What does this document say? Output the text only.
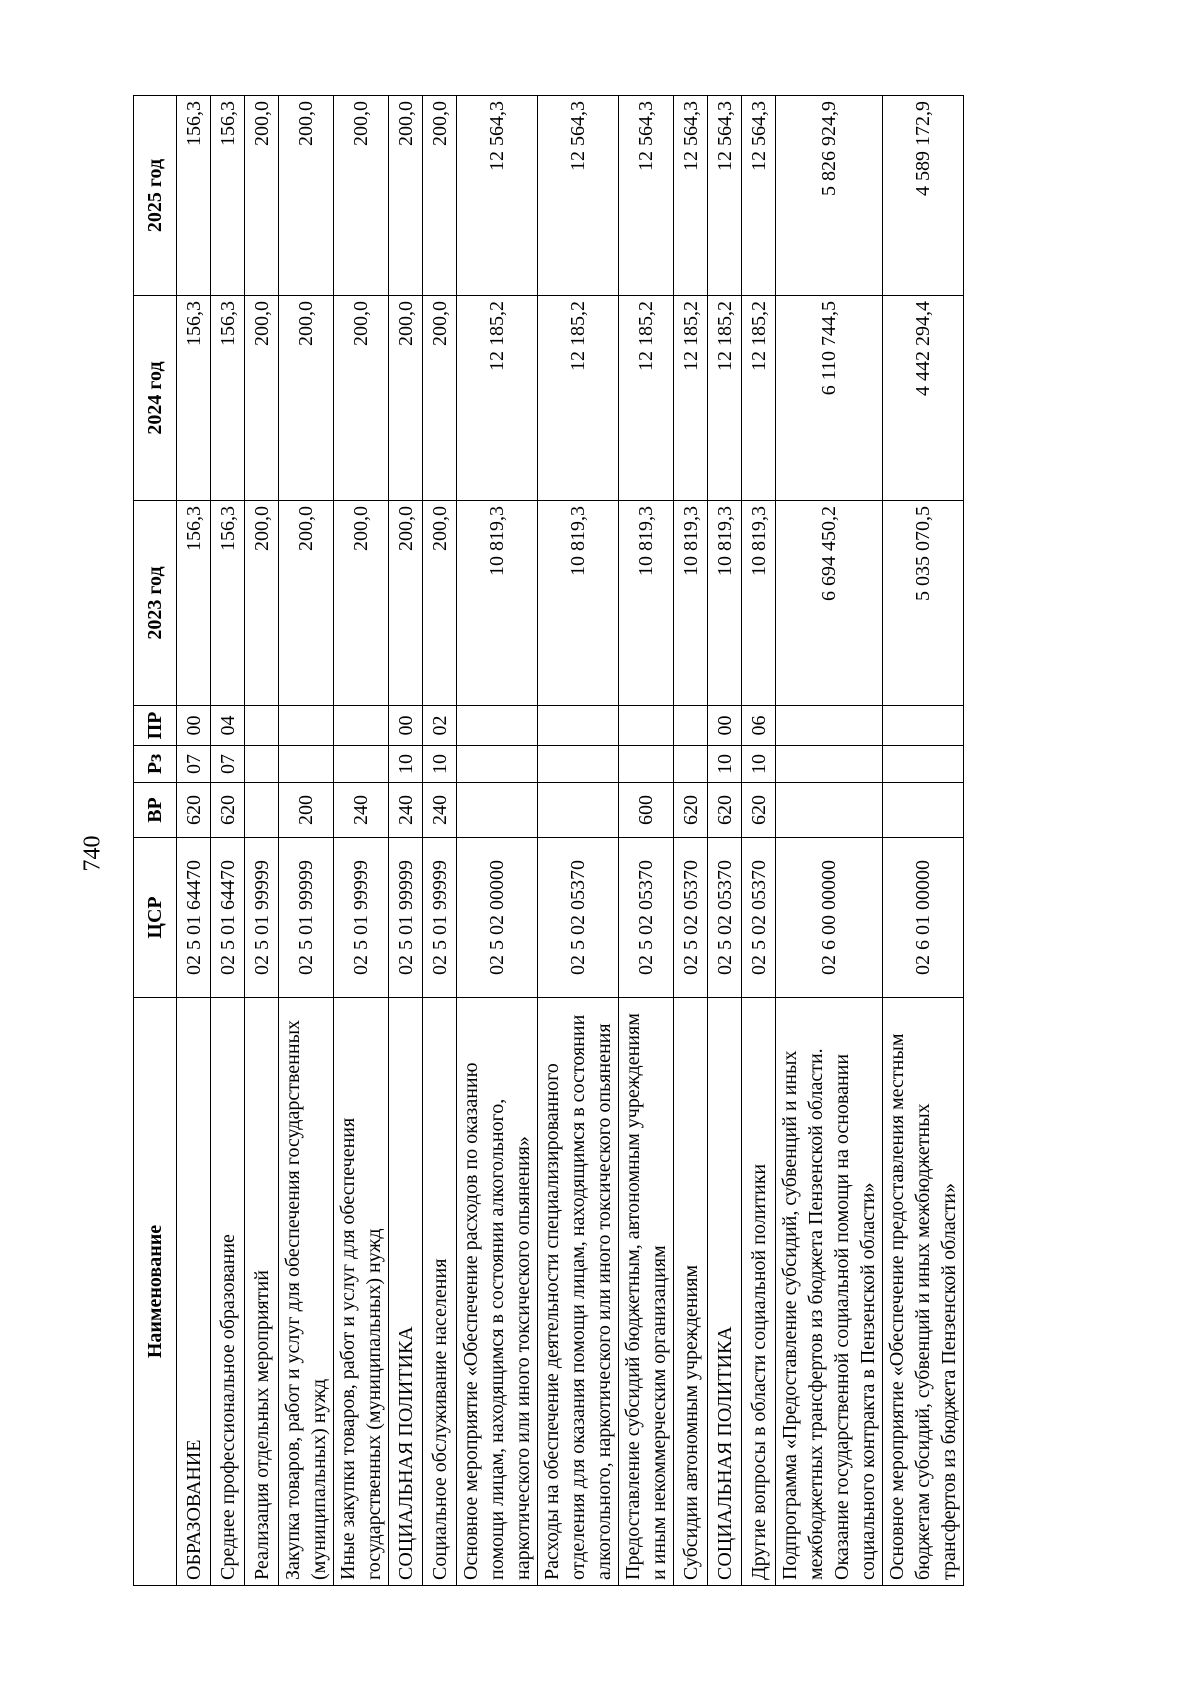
740
Наименование	ЦСР	ВР	Рз	ПР	2023 год	2024 год	2025 год
ОБРАЗОВАНИЕ	02 5 01 64470	620	07	00	156,3	156,3	156,3
Среднее профессиональное образование	02 5 01 64470	620	07	04	156,3	156,3	156,3
Реализация отдельных мероприятий	02 5 01 99999				200,0	200,0	200,0
Закупка товаров, работ и услуг для обеспечения государственных (муниципальных) нужд	02 5 01 99999	200			200,0	200,0	200,0
Иные закупки товаров, работ и услуг для обеспечения государственных (муниципальных) нужд	02 5 01 99999	240			200,0	200,0	200,0
СОЦИАЛЬНАЯ ПОЛИТИКА	02 5 01 99999	240	10	00	200,0	200,0	200,0
Социальное обслуживание населения	02 5 01 99999	240	10	02	200,0	200,0	200,0
Основное мероприятие «Обеспечение расходов по оказанию помощи лицам, находящимся в состоянии алкогольного, наркотического или иного токсического опьянения»	02 5 02 00000				10 819,3	12 185,2	12 564,3
Расходы на обеспечение деятельности специализированного отделения для оказания помощи лицам, находящимся в состоянии алкогольного, наркотического или иного токсического опьянения	02 5 02 05370				10 819,3	12 185,2	12 564,3
Предоставление субсидий бюджетным, автономным учреждениям и иным некоммерческим организациям	02 5 02 05370	600			10 819,3	12 185,2	12 564,3
Субсидии автономным учреждениям	02 5 02 05370	620			10 819,3	12 185,2	12 564,3
СОЦИАЛЬНАЯ ПОЛИТИКА	02 5 02 05370	620	10	00	10 819,3	12 185,2	12 564,3
Другие вопросы в области социальной политики	02 5 02 05370	620	10	06	10 819,3	12 185,2	12 564,3
Подпрограмма «Предоставление субсидий, субвенций и иных межбюджетных трансфертов из бюджета Пензенской области. Оказание государственной социальной помощи на основании социального контракта в Пензенской области»	02 6 00 00000				6 694 450,2	6 110 744,5	5 826 924,9
Основное мероприятие «Обеспечение предоставления местным бюджетам субсидий, субвенций и иных межбюджетных трансфертов из бюджета Пензенской области»	02 6 01 00000				5 035 070,5	4 442 294,4	4 589 172,9
